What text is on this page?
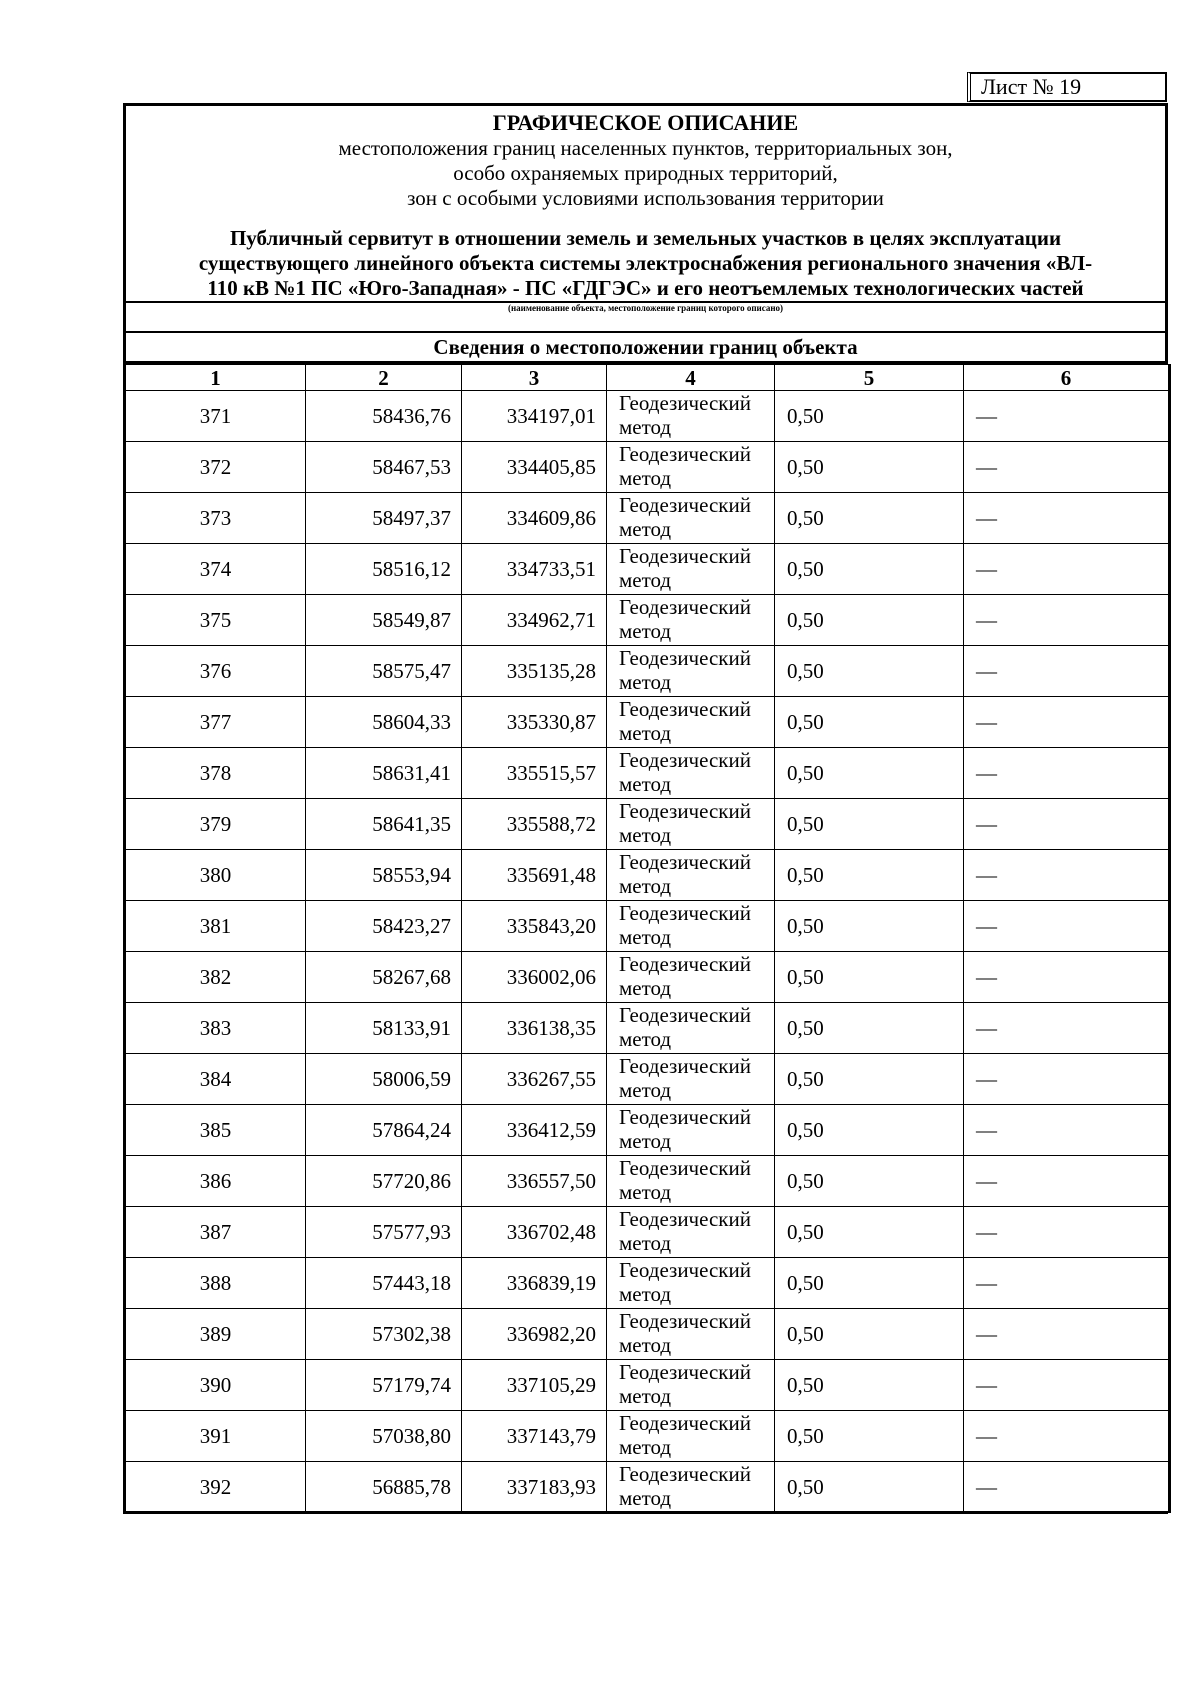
Лист № 19
ГРАФИЧЕСКОЕ ОПИСАНИЕ
местоположения границ населенных пунктов, территориальных зон,
особо охраняемых природных территорий,
зон с особыми условиями использования территории
Публичный сервитут в отношении земель и земельных участков в целях эксплуатации
существующего линейного объекта системы электроснабжения регионального значения «ВЛ-
110 кВ №1 ПС «Юго-Западная» - ПС «ГДГЭС» и его неотъемлемых технологических частей
(наименование объекта, местоположение границ которого описано)
Сведения о местоположении границ объекта
1	2	3	4	5	6
371	58436,76	334197,01	Геодезический метод	0,50	—
372	58467,53	334405,85	Геодезический метод	0,50	—
373	58497,37	334609,86	Геодезический метод	0,50	—
374	58516,12	334733,51	Геодезический метод	0,50	—
375	58549,87	334962,71	Геодезический метод	0,50	—
376	58575,47	335135,28	Геодезический метод	0,50	—
377	58604,33	335330,87	Геодезический метод	0,50	—
378	58631,41	335515,57	Геодезический метод	0,50	—
379	58641,35	335588,72	Геодезический метод	0,50	—
380	58553,94	335691,48	Геодезический метод	0,50	—
381	58423,27	335843,20	Геодезический метод	0,50	—
382	58267,68	336002,06	Геодезический метод	0,50	—
383	58133,91	336138,35	Геодезический метод	0,50	—
384	58006,59	336267,55	Геодезический метод	0,50	—
385	57864,24	336412,59	Геодезический метод	0,50	—
386	57720,86	336557,50	Геодезический метод	0,50	—
387	57577,93	336702,48	Геодезический метод	0,50	—
388	57443,18	336839,19	Геодезический метод	0,50	—
389	57302,38	336982,20	Геодезический метод	0,50	—
390	57179,74	337105,29	Геодезический метод	0,50	—
391	57038,80	337143,79	Геодезический метод	0,50	—
392	56885,78	337183,93	Геодезический метод	0,50	—
